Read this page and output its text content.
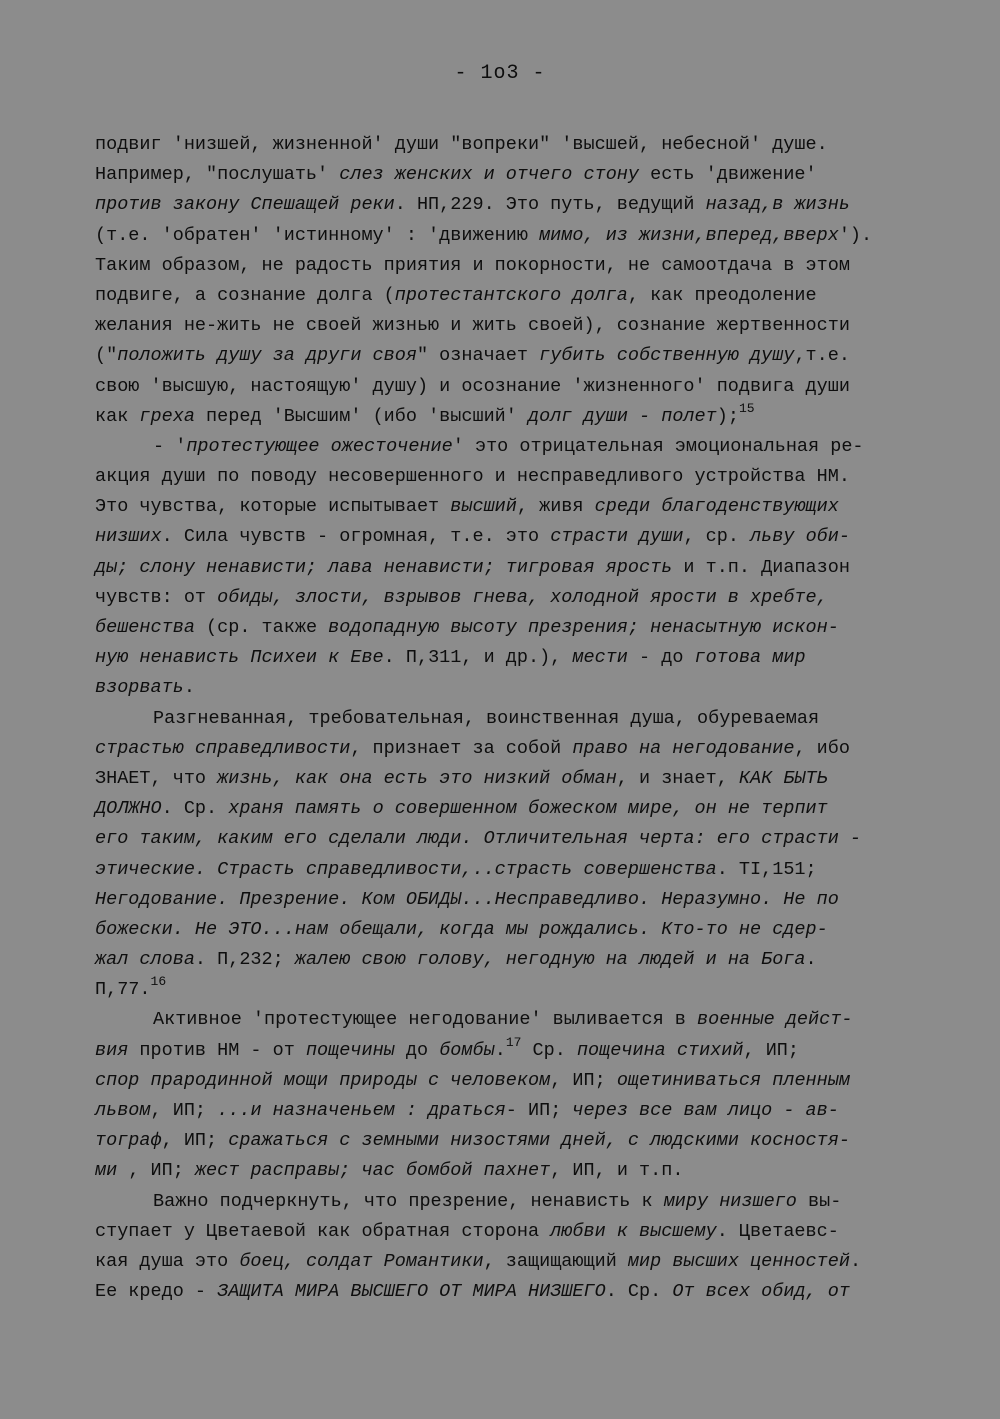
- 1о3 -
подвиг 'низшей, жизненной' души "вопреки" 'высшей, небесной' душе.
Например, "послушать' слез женских и отчего стону есть 'движение'
против закону Спешащей реки. НП,229. Это путь, ведущий назад,в жизнь
(т.е. 'обратен' 'истинному' : 'движению мимо, из жизни,вперед,вверх').
Таким образом, не радость приятия и покорности, не самоотдача в этом
подвиге, а сознание долга (протестантского долга, как преодоление
желания не-жить не своей жизнью и жить своей), сознание жертвенности
("положить душу за други своя" означает губить собственную душу,т.е.
свою 'высшую, настоящую' душу) и осознание 'жизненного' подвига души
как греха перед 'Высшим' (ибо 'высший' долг души - полет);$^{15}$
- 'протестующее ожесточение' это отрицательная эмоциональная ре-
акция души по поводу несовершенного и несправедливого устройства НМ.
Это чувства, которые испытывает высший, живя среди благоденствующих
низших. Сила чувств - огромная, т.е. это страсти души, ср. льву оби-
ды; слону ненависти; лава ненависти; тигровая ярость и т.п. Диапазон
чувств: от обиды, злости, взрывов гнева, холодной ярости в хребте,
бешенства (ср. также водопадную высоту презрения; ненасытную искон-
ную ненависть Психеи к Еве. П,311, и др.), мести - до готова мир
взорвать.
Разгневанная, требовательная, воинственная душа, обуреваемая
страстью справедливости, признает за собой право на негодование, ибо
ЗНАЕТ, что жизнь, как она есть это низкий обман, и знает, КАК БЫТЬ
ДОЛЖНО. Ср. храня память о совершенном божеском мире, он не терпит
его таким, каким его сделали люди. Отличительная черта: его страсти -
этические. Страсть справедливости,..страсть совершенства. TI,151;
Негодование. Презрение. Ком ОБИДЫ...Несправедливо. Неразумно. Не по
божески. Не ЭТО...нам обещали, когда мы рождались. Кто-то не сдер-
жал слова. П,232; жалею свою голову, негодную на людей и на Бога.
П,77.16
Активное 'протестующее негодование' выливается в военные дейст-
вия против НМ - от пощечины до бомбы.$^{17}$ Ср. пощечина стихий, ИП;
спор прародинной мощи природы с человеком, ИП; ощетиниваться пленным
львом, ИП; ...и назначеньем : драться- ИП; через все вам лицо - ав-
тограф, ИП; сражаться с земными низостями дней, с людскими косностя-
ми , ИП; жест расправы; час бомбой пахнет, ИП, и т.п.
Важно подчеркнуть, что презрение, ненависть к миру низшего вы-
ступает у Цветаевой как обратная сторона любви к высшему. Цветаевс-
кая душа это боец, солдат Романтики, защищающий мир высших ценностей.
Ее кредо - ЗАЩИТА МИРА ВЫСШЕГО ОТ МИРА НИЗШЕГО. Ср. От всех обид, от
